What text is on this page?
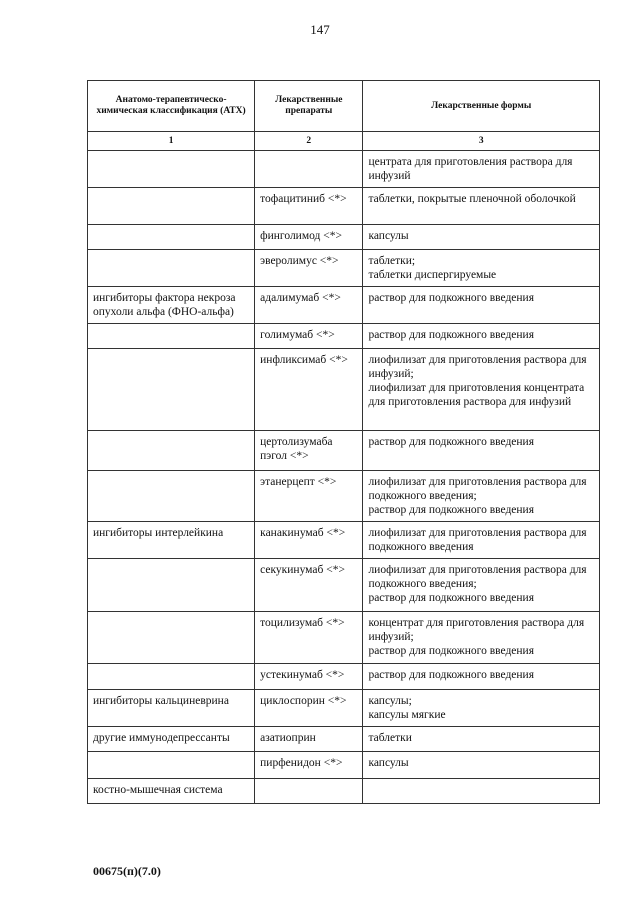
147
Анатомо-терапевтическо-химическая классификация (АТХ)	Лекарственные препараты	Лекарственные формы
1	2	3

		центрата для приготовления раствора для инфузий

	тофацитиниб <*>	таблетки, покрытые пленочной оболочкой

	финголимод <*>	капсулы

	эверолимус <*>	таблетки;
таблетки диспергируемые

ингибиторы фактора некроза опухоли альфа (ФНО-альфа)	адалимумаб <*>	раствор для подкожного введения

	голимумаб <*>	раствор для подкожного введения

	инфликсимаб <*>	лиофилизат для приготовления раствора для инфузий;
лиофилизат для приготовления концентрата для приготовления раствора для инфузий

	цертолизумаба пэгол <*>	раствор для подкожного введения

	этанерцепт <*>	лиофилизат для приготовления раствора для подкожного введения;
раствор для подкожного введения

ингибиторы интерлейкина	канакинумаб <*>	лиофилизат для приготовления раствора для подкожного введения

	секукинумаб <*>	лиофилизат для приготовления раствора для подкожного введения;
раствор для подкожного введения

	тоцилизумаб <*>	концентрат для приготовления раствора для инфузий;
раствор для подкожного введения

	устекинумаб <*>	раствор для подкожного введения

ингибиторы кальциневрина	циклоспорин <*>	капсулы;
капсулы мягкие

другие иммунодепрессанты	азатиоприн	таблетки

	пирфенидон <*>	капсулы

костно-мышечная система		
00675(п)(7.0)
